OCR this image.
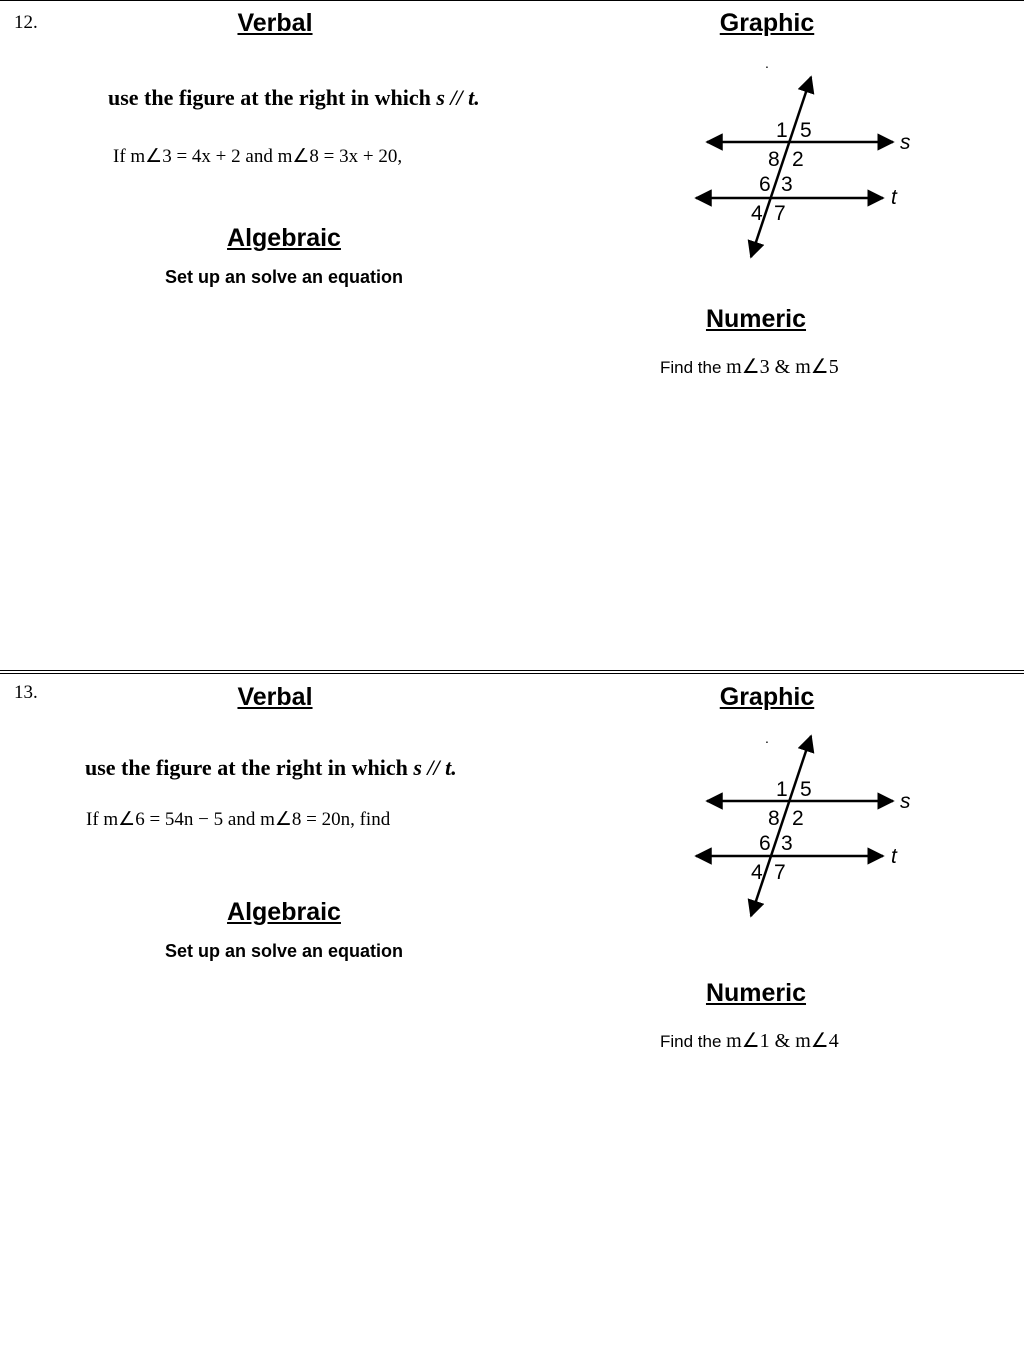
12.	Verbal
use the figure at the right in which s // t.
If m∠3 = 4x + 2 and m∠8 = 3x + 20,
Algebraic
Set up an solve an equation
Graphic
.
1 5
8 2
6 3
4 7
s
t
Numeric
Find the m∠3 & m∠5
13.	Verbal
use the figure at the right in which s // t.
If m∠6 = 54n − 5 and m∠8 = 20n, find
Algebraic
Set up an solve an equation
Graphic
.
1 5
8 2
6 3
4 7
s
t
Numeric
Find the m∠1 & m∠4
